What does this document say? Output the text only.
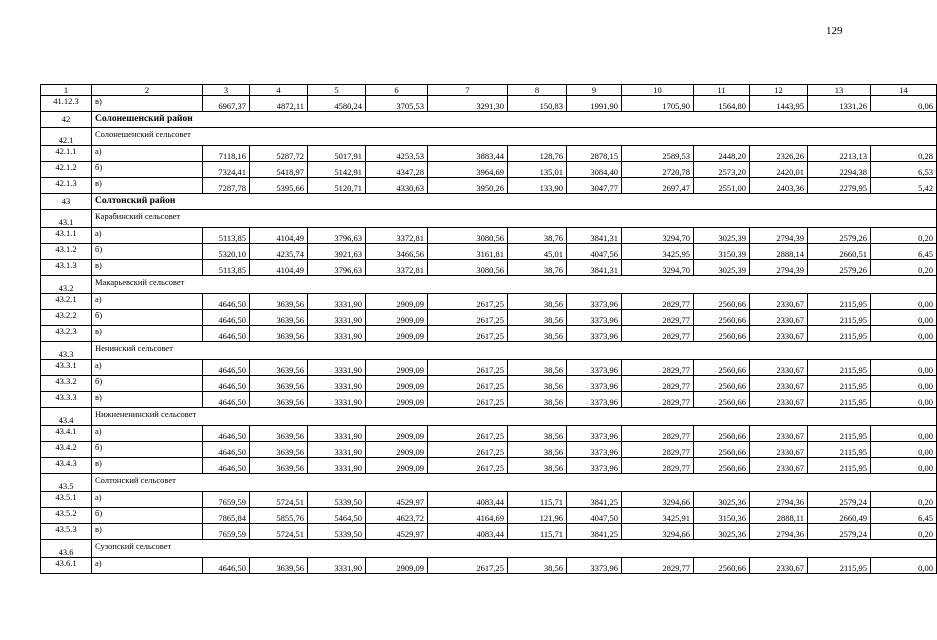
129
1	2	3	4	5	6	7	8	9	10	11	12	13	14
41.12.3	в)	6967,37	4872,11	4580,24	3705,53	3291,30	150,83	1991,90	1705,90	1564,80	1443,95	1331,26	0,06
42	Солонешенский район												
42.1	Солонешенский сельсовет												
42.1.1	а)	7118,16	5287,72	5017,91	4253,53	3883,44	128,76	2878,15	2589,53	2448,20	2326,26	2213,13	0,28
42.1.2	б)	7324,41	5418,97	5142,91	4347,28	3964,69	135,01	3084,40	2720,78	2573,20	2420,01	2294,38	6,53
42.1.3	в)	7287,78	5395,66	5120,71	4330,63	3950,26	133,90	3047,77	2697,47	2551,00	2403,36	2279,95	5,42
43	Солтонский район												
43.1	Карабинский сельсовет												
43.1.1	а)	5113,85	4104,49	3796,63	3372,81	3080,56	38,76	3841,31	3294,70	3025,39	2794,39	2579,26	0,20
43.1.2	б)	5320,10	4235,74	3921,63	3466,56	3161,81	45,01	4047,56	3425,95	3150,39	2888,14	2660,51	6,45
43.1.3	в)	5113,85	4104,49	3796,63	3372,81	3080,56	38,76	3841,31	3294,70	3025,39	2794,39	2579,26	0,20
43.2	Макарьевский сельсовет												
43.2.1	а)	4646,50	3639,56	3331,90	2909,09	2617,25	38,56	3373,96	2829,77	2560,66	2330,67	2115,95	0,00
43.2.2	б)	4646,50	3639,56	3331,90	2909,09	2617,25	38,56	3373,96	2829,77	2560,66	2330,67	2115,95	0,00
43.2.3	в)	4646,50	3639,56	3331,90	2909,09	2617,25	38,56	3373,96	2829,77	2560,66	2330,67	2115,95	0,00
43.3	Ненинский сельсовет												
43.3.1	а)	4646,50	3639,56	3331,90	2909,09	2617,25	38,56	3373,96	2829,77	2560,66	2330,67	2115,95	0,00
43.3.2	б)	4646,50	3639,56	3331,90	2909,09	2617,25	38,56	3373,96	2829,77	2560,66	2330,67	2115,95	0,00
43.3.3	в)	4646,50	3639,56	3331,90	2909,09	2617,25	38,56	3373,96	2829,77	2560,66	2330,67	2115,95	0,00
43.4	Нижнененинский сельсовет												
43.4.1	а)	4646,50	3639,56	3331,90	2909,09	2617,25	38,56	3373,96	2829,77	2560,66	2330,67	2115,95	0,00
43.4.2	б)	4646,50	3639,56	3331,90	2909,09	2617,25	38,56	3373,96	2829,77	2560,66	2330,67	2115,95	0,00
43.4.3	в)	4646,50	3639,56	3331,90	2909,09	2617,25	38,56	3373,96	2829,77	2560,66	2330,67	2115,95	0,00
43.5	Солтонский сельсовет												
43.5.1	а)	7659,59	5724,51	5339,50	4529,97	4083,44	115,71	3841,25	3294,66	3025,36	2794,36	2579,24	0,20
43.5.2	б)	7865,84	5855,76	5464,50	4623,72	4164,69	121,96	4047,50	3425,91	3150,36	2888,11	2660,49	6,45
43.5.3	в)	7659,59	5724,51	5339,50	4529,97	4083,44	115,71	3841,25	3294,66	3025,36	2794,36	2579,24	0,20
43.6	Сузопский сельсовет												
43.6.1	а)	4646,50	3639,56	3331,90	2909,09	2617,25	38,56	3373,96	2829,77	2560,66	2330,67	2115,95	0,00
